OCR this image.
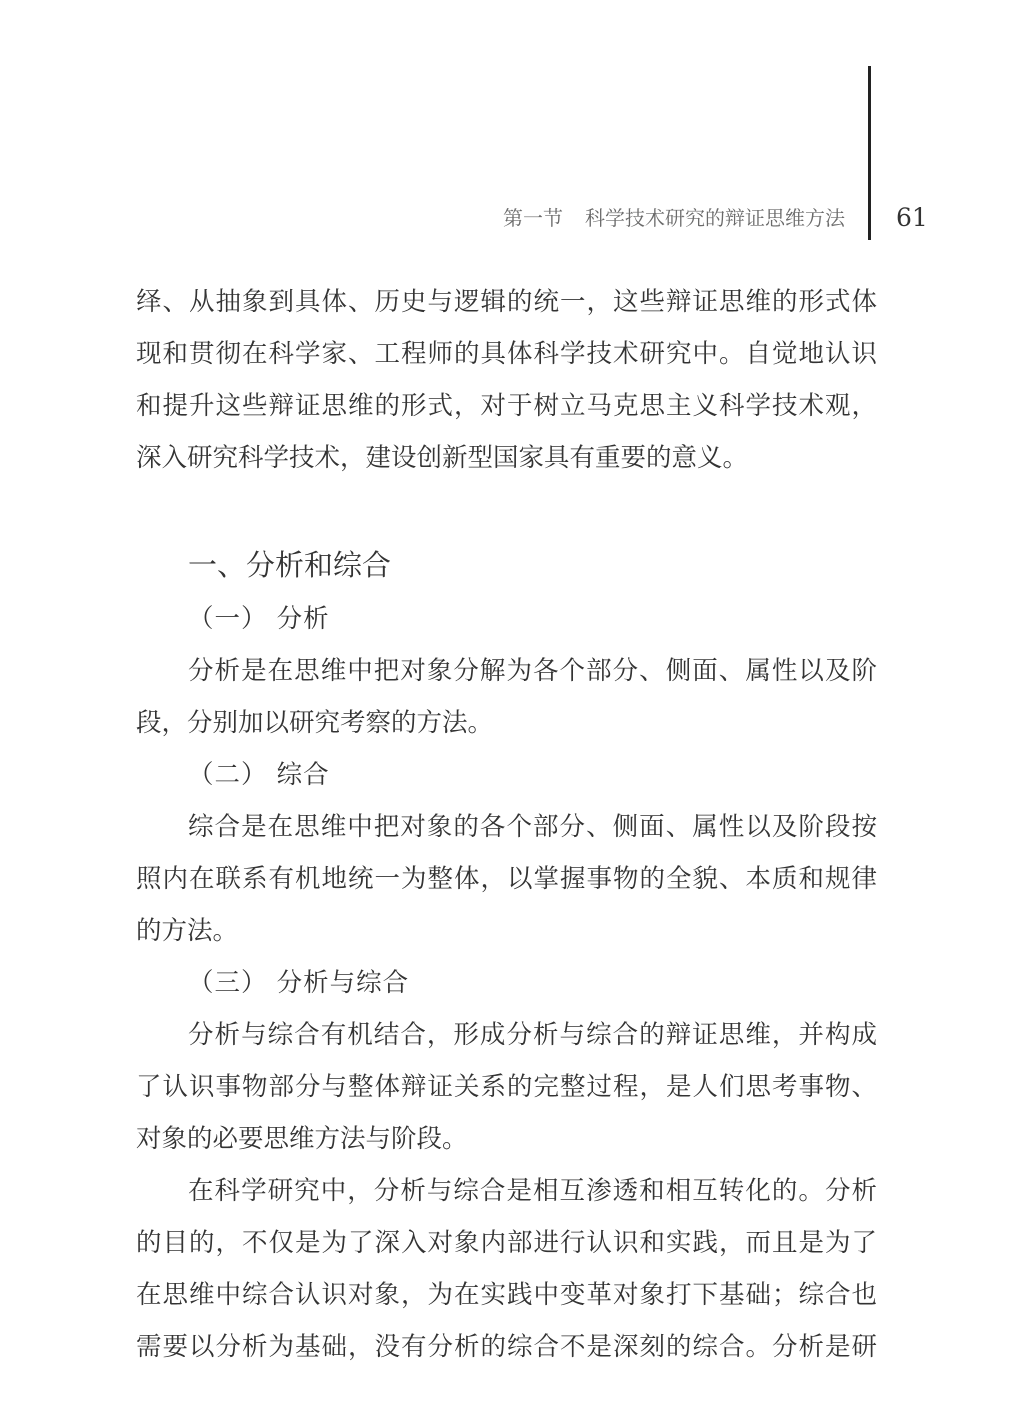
第一节 科学技术研究的辩证思维方法 61

绎、从抽象到具体、历史与逻辑的统一，这些辩证思维的形式体

现和贯彻在科学家、工程师的具体科学技术研究中。自觉地认识

和提升这些辩证思维的形式，对于树立马克思主义科学技术观，

深入研究科学技术，建设创新型国家具有重要的意义。

一、分析和综合

（一） 分析

分析是在思维中把对象分解为各个部分、侧面、属性以及阶

段，分别加以研究考察的方法。

（二） 综合

综合是在思维中把对象的各个部分、侧面、属性以及阶段按

照内在联系有机地统一为整体，以掌握事物的全貌、本质和规律

的方法。

（三） 分析与综合

分析与综合有机结合，形成分析与综合的辩证思维，并构成

了认识事物部分与整体辩证关系的完整过程，是人们思考事物、

对象的必要思维方法与阶段。

在科学研究中，分析与综合是相互渗透和相互转化的。分析

的目的，不仅是为了深入对象内部进行认识和实践，而且是为了

在思维中综合认识对象，为在实践中变革对象打下基础；综合也

需要以分析为基础，没有分析的综合不是深刻的综合。分析是研
